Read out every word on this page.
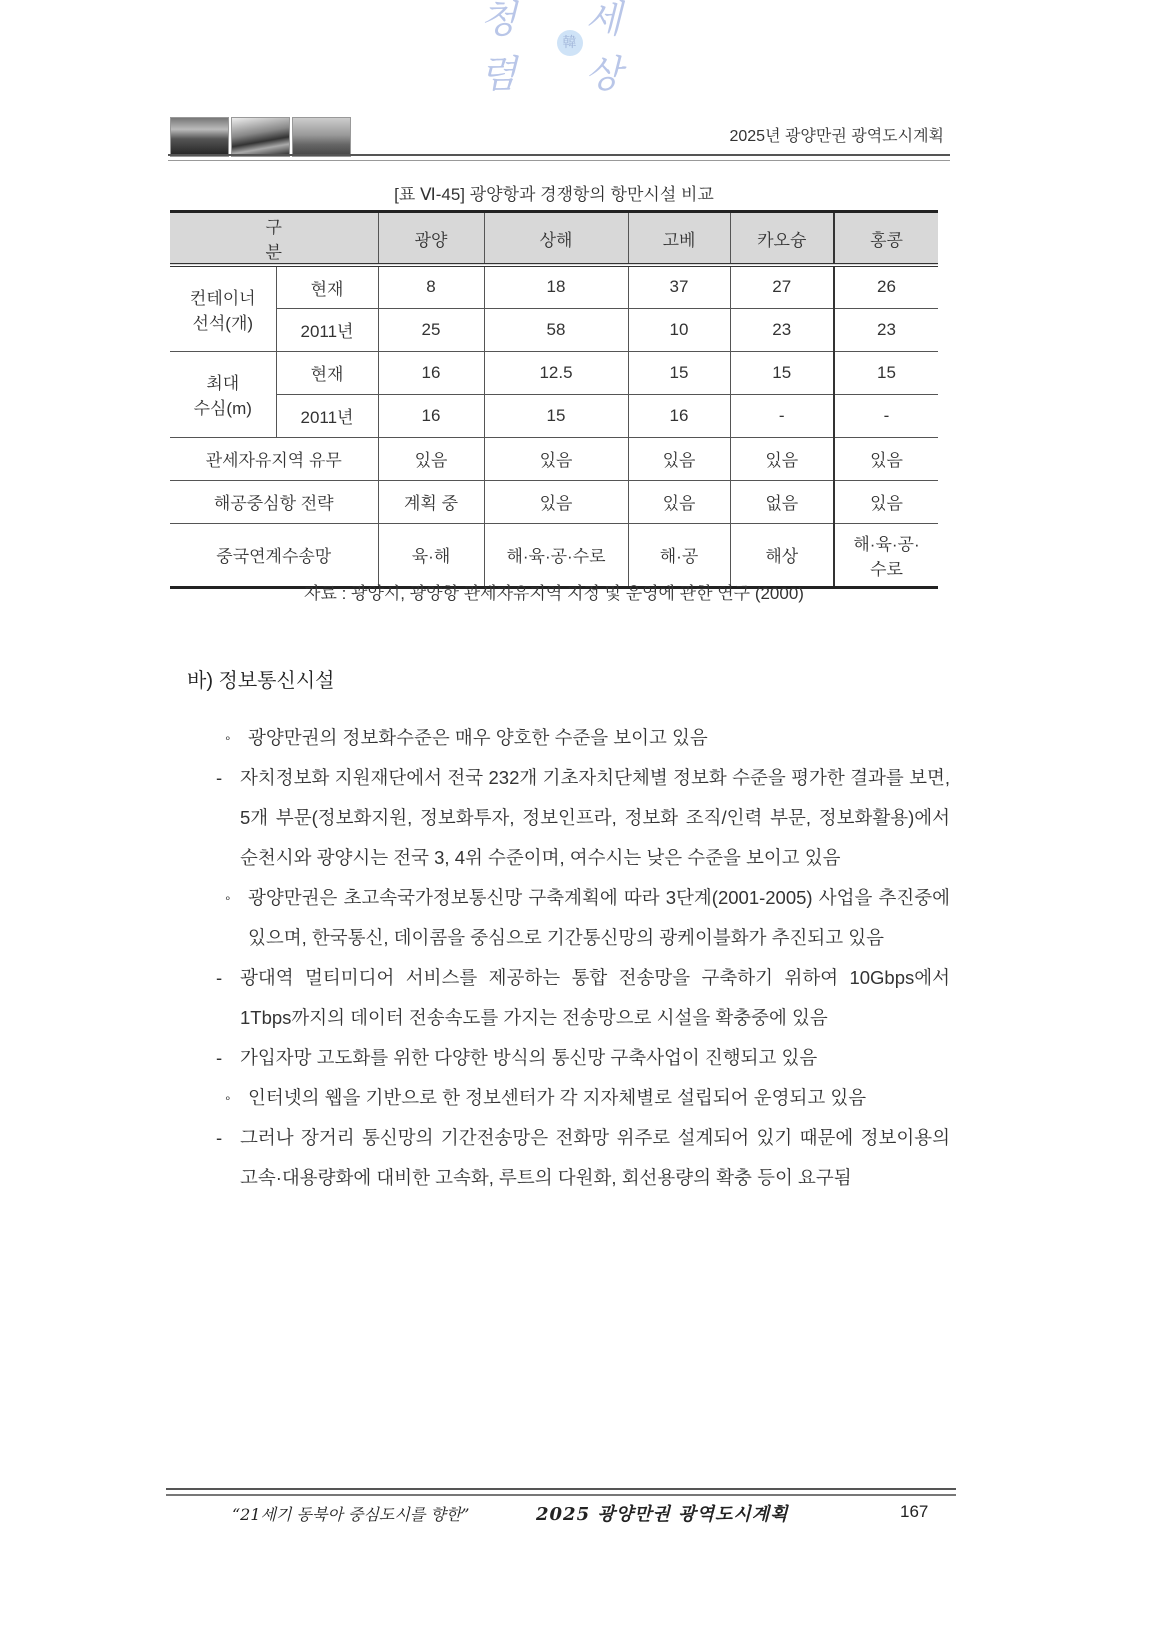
청렴
韓
세상
2025년 광양만권 광역도시계획
[표 Ⅵ-45] 광양항과 경쟁항의 항만시설 비교
구 분		광양	상해	고베	카오슝	홍콩

컨테이너
선석(개)	현재	8	18	37	27	26
	2011년	25	58	10	23	23

최대
수심(m)	현재	16	12.5	15	15	15
	2011년	16	15	16	-	-
관세자유지역 유무		있음	있음	있음	있음	있음
해공중심항 전략		계획 중	있음	있음	없음	있음
중국연계수송망		육·해	해·육·공·수로	해·공	해상	해·육·공·
수로
자료 : 광양시, 광양항 관세자유지역 지정 및 운영에 관한 연구 (2000)
바) 정보통신시설
∘ 광양만권의 정보화수준은 매우 양호한 수준을 보이고 있음
- 자치정보화 지원재단에서 전국 232개 기초자치단체별 정보화 수준을 평가한 결과를 보면, 5개 부문(정보화지원, 정보화투자, 정보인프라, 정보화 조직/인력 부문, 정보화활용)에서 순천시와 광양시는 전국 3, 4위 수준이며, 여수시는 낮은 수준을 보이고 있음
∘ 광양만권은 초고속국가정보통신망 구축계획에 따라 3단계(2001-2005) 사업을 추진중에 있으며, 한국통신, 데이콤을 중심으로 기간통신망의 광케이블화가 추진되고 있음
- 광대역 멀티미디어 서비스를 제공하는 통합 전송망을 구축하기 위하여 10Gbps에서 1Tbps까지의 데이터 전송속도를 가지는 전송망으로 시설을 확충중에 있음
- 가입자망 고도화를 위한 다양한 방식의 통신망 구축사업이 진행되고 있음
∘ 인터넷의 웹을 기반으로 한 정보센터가 각 지자체별로 설립되어 운영되고 있음
- 그러나 장거리 통신망의 기간전송망은 전화망 위주로 설계되어 있기 때문에 정보이용의 고속·대용량화에 대비한 고속화, 루트의 다원화, 회선용량의 확충 등이 요구됨
“21세기 동북아 중심도시를 향한”	2025 광양만권 광역도시계획	167
